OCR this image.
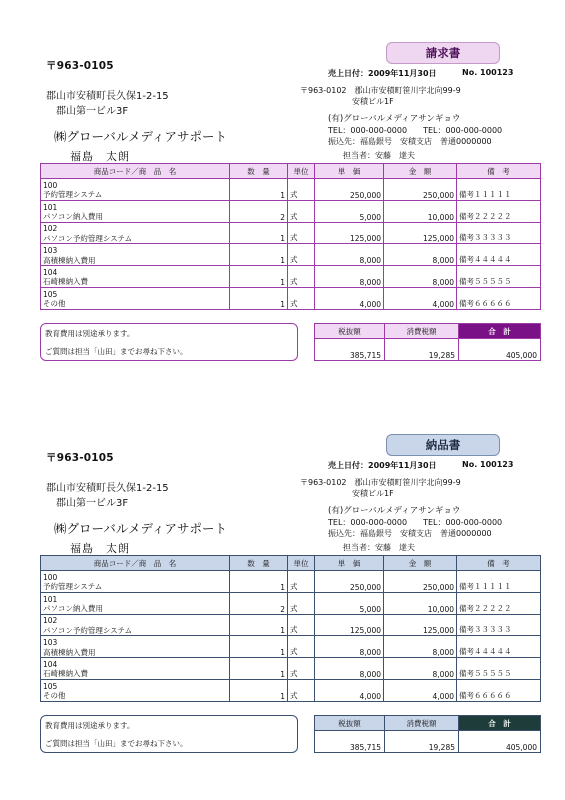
〒963-0105
郡山市安積町長久保1-2-15
郡山第一ビル3F
㈱グローバルメディアサポート
福島　太朗
請求書
売上日付：2009年11月30日	No. 100123
〒963-0102　郡山市安積町笹川字北向99-9
安積ビル1F
(有)グローバルメディアサンギョウ
TEL：000-000-0000　　TEL：000-000-0000
振込先：福島銀号　安積支店　普通0000000
担当者：安藤　達夫
商品コード／商　品　名	数　量	単位	単　価	金　額	備　考

100
予約管理システム	1	式	250,000	250,000	備考１１１１１

101
パソコン納入費用	2	式	5,000	10,000	備考２２２２２

102
パソコン予約管理システム	1	式	125,000	125,000	備考３３３３３

103
高積棟納入費用	1	式	8,000	8,000	備考４４４４４

104
石崎棟納入費	1	式	8,000	8,000	備考５５５５５

105
その他	1	式	4,000	4,000	備考６６６６６
教育費用は別途承ります。
ご質問は担当「山田」までお尋ね下さい。
税抜額	消費税額	合　計
385,715	19,285	405,000
〒963-0105
郡山市安積町長久保1-2-15
郡山第一ビル3F
㈱グローバルメディアサポート
福島　太朗
納品書
売上日付：2009年11月30日	No. 100123
〒963-0102　郡山市安積町笹川字北向99-9
安積ビル1F
(有)グローバルメディアサンギョウ
TEL：000-000-0000　　TEL：000-000-0000
振込先：福島銀号　安積支店　普通0000000
担当者：安藤　達夫
商品コード／商　品　名	数　量	単位	単　価	金　額	備　考

100
予約管理システム	1	式	250,000	250,000	備考１１１１１

101
パソコン納入費用	2	式	5,000	10,000	備考２２２２２

102
パソコン予約管理システム	1	式	125,000	125,000	備考３３３３３

103
高積棟納入費用	1	式	8,000	8,000	備考４４４４４

104
石崎棟納入費	1	式	8,000	8,000	備考５５５５５

105
その他	1	式	4,000	4,000	備考６６６６６
教育費用は別途承ります。
ご質問は担当「山田」までお尋ね下さい。
税抜額	消費税額	合　計
385,715	19,285	405,000
